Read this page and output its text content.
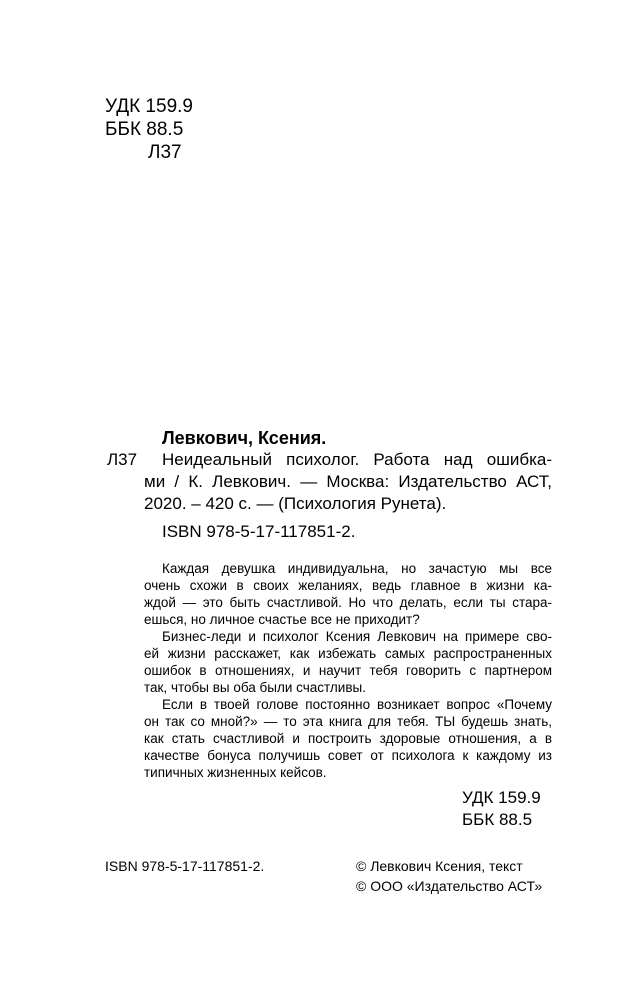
УДК 159.9
ББК 88.5
Л37
Левкович, Ксения.
Л37 Неидеальный психолог. Работа над ошибка-
ми / К. Левкович. — Москва: Издательство АСТ,
2020. – 420 с. — (Психология Рунета).
ISBN 978-5-17-117851-2.
Каждая девушка индивидуальна, но зачастую мы все
очень схожи в своих желаниях, ведь главное в жизни ка-
ждой — это быть счастливой. Но что делать, если ты стара-
ешься, но личное счастье все не приходит?
Бизнес-леди и психолог Ксения Левкович на примере сво-
ей жизни расскажет, как избежать самых распространенных
ошибок в отношениях, и научит тебя говорить с партнером
так, чтобы вы оба были счастливы.
Если в твоей голове постоянно возникает вопрос «Почему
он так со мной?» — то эта книга для тебя. ТЫ будешь знать,
как стать счастливой и построить здоровые отношения, а в
качестве бонуса получишь совет от психолога к каждому из
типичных жизненных кейсов.
УДК 159.9
ББК 88.5
ISBN 978-5-17-117851-2.	© Левкович Ксения, текст
© ООО «Издательство АСТ»
